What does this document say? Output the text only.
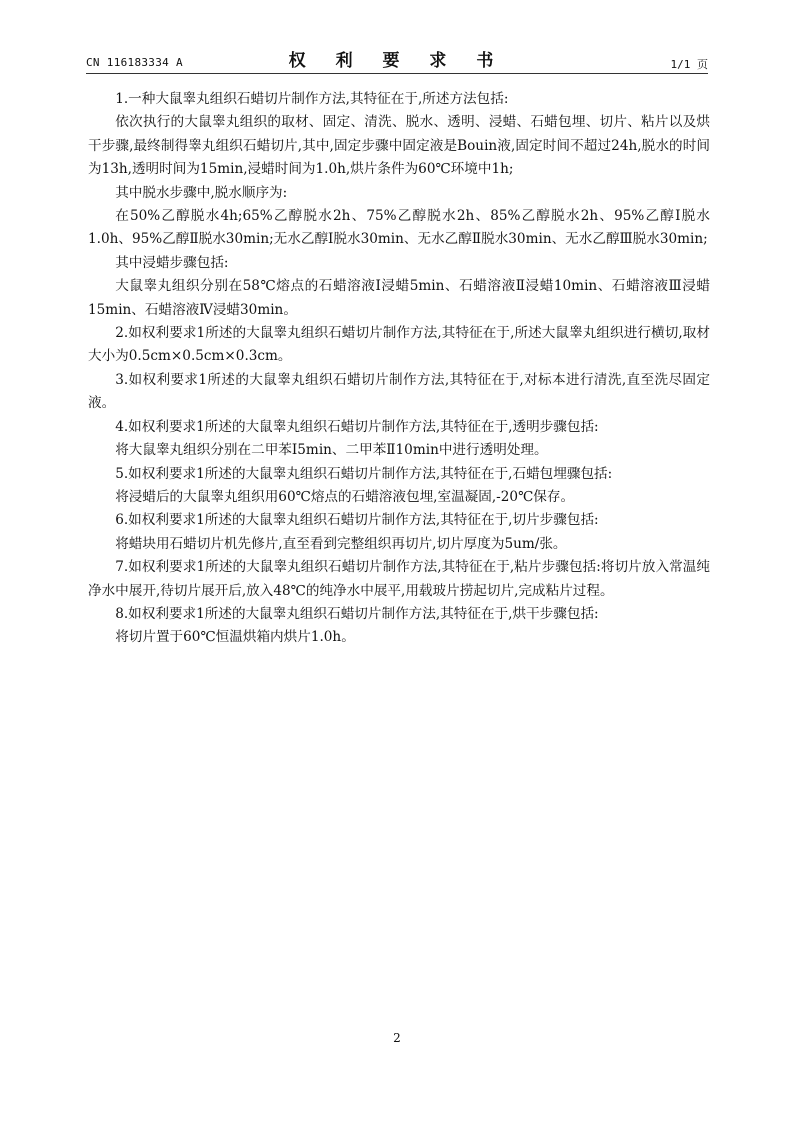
CN 116183334 A	权 利 要 求 书	1/1 页

1.一种大鼠睾丸组织石蜡切片制作方法,其特征在于,所述方法包括:

依次执行的大鼠睾丸组织的取材、固定、清洗、脱水、透明、浸蜡、石蜡包埋、切片、粘片以及烘干步骤,最终制得睾丸组织石蜡切片,其中,固定步骤中固定液是Bouin液,固定时间不超过24h,脱水的时间为13h,透明时间为15min,浸蜡时间为1.0h,烘片条件为60℃环境中1h;

其中脱水步骤中,脱水顺序为:

在50%乙醇脱水4h;65%乙醇脱水2h、75%乙醇脱水2h、85%乙醇脱水2h、95%乙醇Ⅰ脱水1.0h、95%乙醇Ⅱ脱水30min;无水乙醇Ⅰ脱水30min、无水乙醇Ⅱ脱水30min、无水乙醇Ⅲ脱水30min;

其中浸蜡步骤包括:

大鼠睾丸组织分别在58℃熔点的石蜡溶液Ⅰ浸蜡5min、石蜡溶液Ⅱ浸蜡10min、石蜡溶液Ⅲ浸蜡15min、石蜡溶液Ⅳ浸蜡30min。

2.如权利要求1所述的大鼠睾丸组织石蜡切片制作方法,其特征在于,所述大鼠睾丸组织进行横切,取材大小为0.5cm×0.5cm×0.3cm。

3.如权利要求1所述的大鼠睾丸组织石蜡切片制作方法,其特征在于,对标本进行清洗,直至洗尽固定液。

4.如权利要求1所述的大鼠睾丸组织石蜡切片制作方法,其特征在于,透明步骤包括:

将大鼠睾丸组织分别在二甲苯Ⅰ5min、二甲苯Ⅱ10min中进行透明处理。

5.如权利要求1所述的大鼠睾丸组织石蜡切片制作方法,其特征在于,石蜡包埋骤包括:

将浸蜡后的大鼠睾丸组织用60℃熔点的石蜡溶液包埋,室温凝固,-20℃保存。

6.如权利要求1所述的大鼠睾丸组织石蜡切片制作方法,其特征在于,切片步骤包括:

将蜡块用石蜡切片机先修片,直至看到完整组织再切片,切片厚度为5um/张。

7.如权利要求1所述的大鼠睾丸组织石蜡切片制作方法,其特征在于,粘片步骤包括:将切片放入常温纯净水中展开,待切片展开后,放入48℃的纯净水中展平,用载玻片捞起切片,完成粘片过程。

8.如权利要求1所述的大鼠睾丸组织石蜡切片制作方法,其特征在于,烘干步骤包括:

将切片置于60℃恒温烘箱内烘片1.0h。

2
